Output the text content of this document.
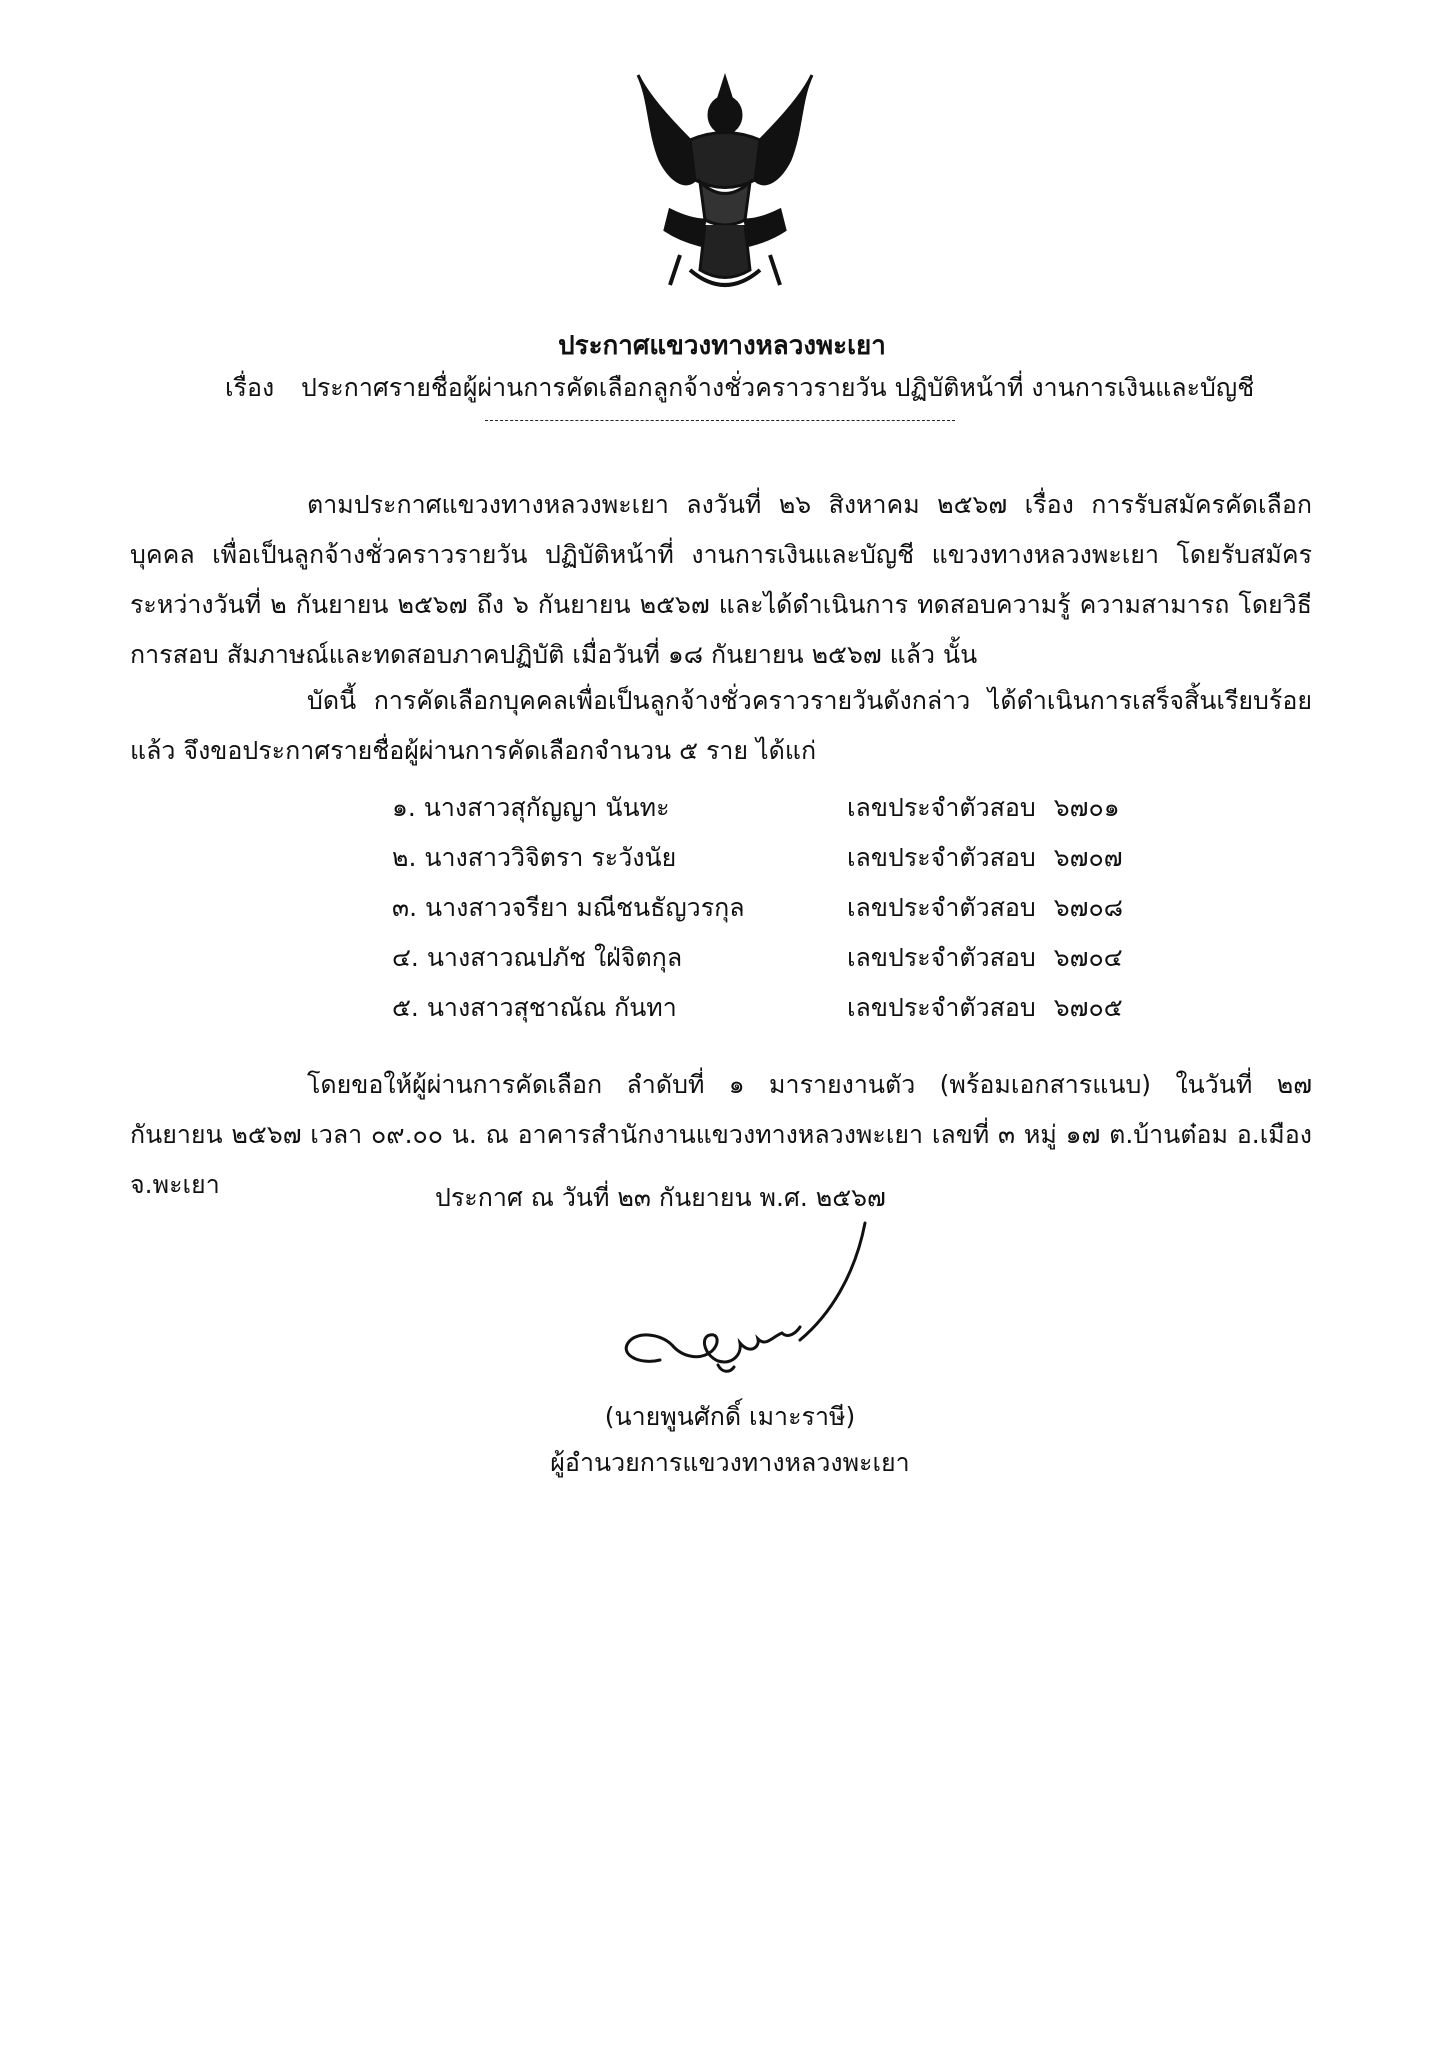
ประกาศแขวงทางหลวงพะเยา
เรื่อง ประกาศรายชื่อผู้ผ่านการคัดเลือกลูกจ้างชั่วคราวรายวัน ปฏิบัติหน้าที่ งานการเงินและบัญชี

ตามประกาศแขวงทางหลวงพะเยา ลงวันที่ ๒๖ สิงหาคม ๒๕๖๗ เรื่อง การรับสมัครคัดเลือกบุคคล เพื่อเป็นลูกจ้างชั่วคราวรายวัน ปฏิบัติหน้าที่ งานการเงินและบัญชี แขวงทางหลวงพะเยา โดยรับสมัครระหว่างวันที่ ๒ กันยายน ๒๕๖๗ ถึง ๖ กันยายน ๒๕๖๗ และได้ดำเนินการ ทดสอบความรู้ ความสามารถ โดยวิธีการสอบ สัมภาษณ์และทดสอบภาคปฏิบัติ เมื่อวันที่ ๑๘ กันยายน ๒๕๖๗ แล้ว นั้น

บัดนี้ การคัดเลือกบุคคลเพื่อเป็นลูกจ้างชั่วคราวรายวันดังกล่าว ได้ดำเนินการเสร็จสิ้นเรียบร้อยแล้ว จึงขอประกาศรายชื่อผู้ผ่านการคัดเลือกจำนวน ๕ ราย ได้แก่

๑. นางสาวสุกัญญา นันทะ	เลขประจำตัวสอบ ๖๗๐๑
๒. นางสาววิจิตรา ระวังนัย	เลขประจำตัวสอบ ๖๗๐๗
๓. นางสาวจรียา มณีชนธัญวรกุล	เลขประจำตัวสอบ ๖๗๐๘
๔. นางสาวณปภัช ใฝ่จิตกุล	เลขประจำตัวสอบ ๖๗๐๔
๕. นางสาวสุชาณัณ กันทา	เลขประจำตัวสอบ ๖๗๐๕

โดยขอให้ผู้ผ่านการคัดเลือก ลำดับที่ ๑ มารายงานตัว (พร้อมเอกสารแนบ) ในวันที่ ๒๗ กันยายน ๒๕๖๗ เวลา ๐๙.๐๐ น. ณ อาคารสำนักงานแขวงทางหลวงพะเยา เลขที่ ๓ หมู่ ๑๗ ต.บ้านต๋อม อ.เมือง จ.พะเยา	ประกาศ ณ วันที่ ๒๓ กันยายน พ.ศ. ๒๕๖๗
(นายพูนศักดิ์ เมาะราษี)
ผู้อำนวยการแขวงทางหลวงพะเยา
